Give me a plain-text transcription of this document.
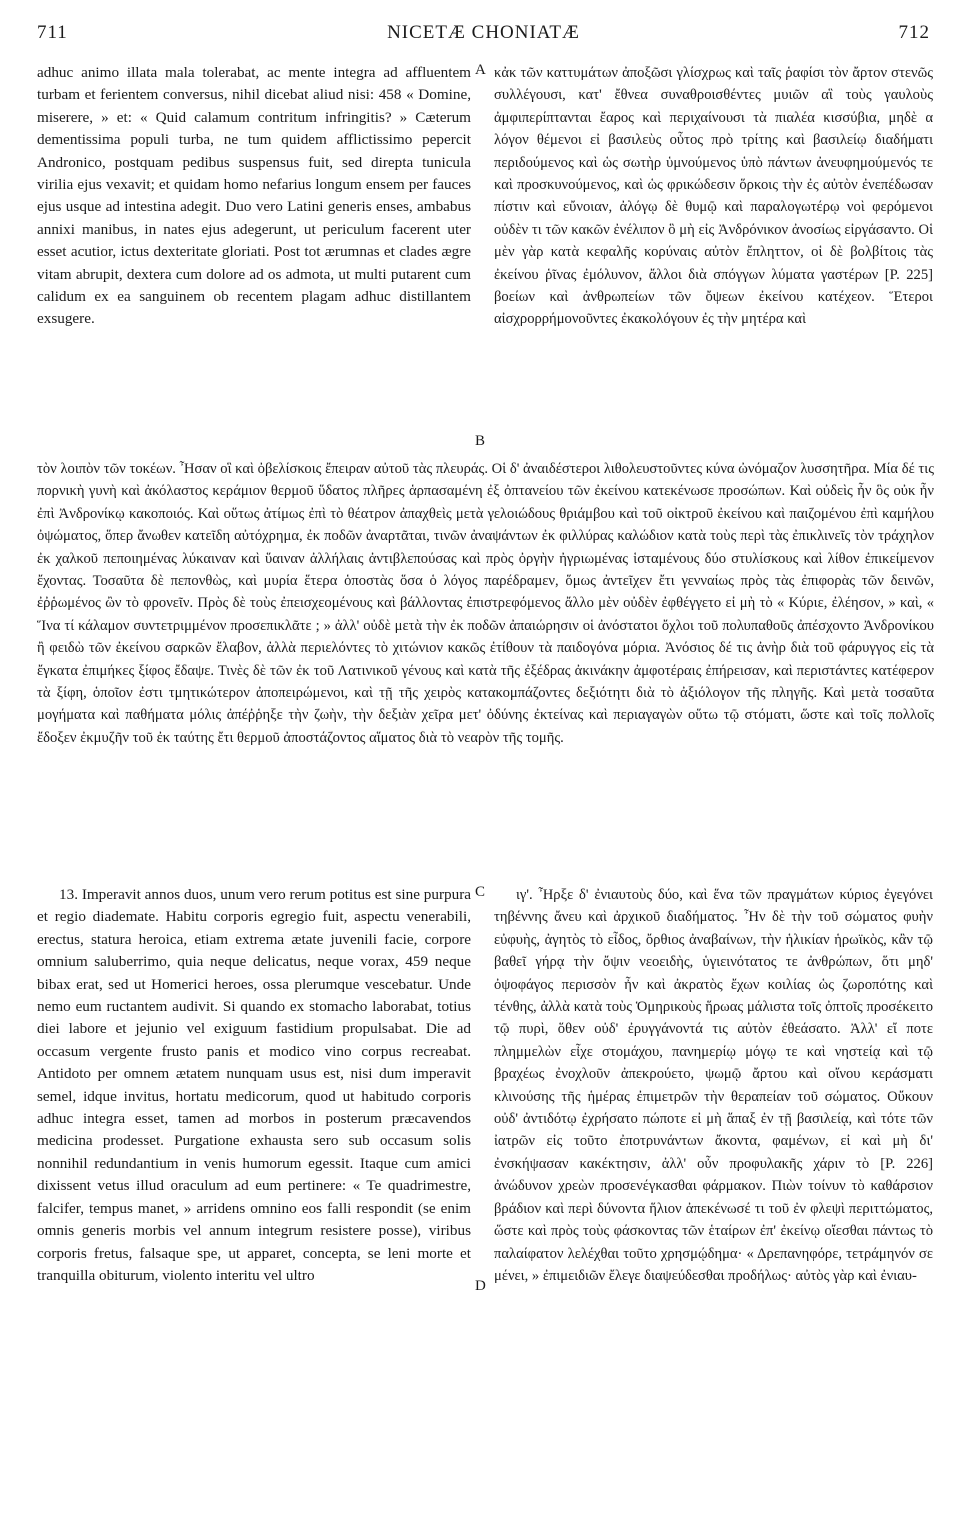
711	NICETÆ CHONIATÆ	712
A
B
C
D

adhuc animo illata mala tolerabat, ac mente integra ad affluentem turbam et ferientem conversus, nihil dicebat aliud nisi: 458 « Domine, miserere, » et: « Quid calamum contritum infringitis? » Cæterum dementissima populi turba, ne tum quidem afflictissimo pepercit Andronico, postquam pedibus suspensus fuit, sed direpta tunicula virilia ejus vexavit; et quidam homo nefarius longum ensem per fauces ejus usque ad intestina adegit. Duo vero Latini generis enses, ambabus annixi manibus, in nates ejus adegerunt, ut periculum facerent uter esset acutior, ictus dexteritate gloriati. Post tot ærumnas et clades ægre vitam abrupit, dextera cum dolore ad os admota, ut multi putarent cum calidum ex ea sanguinem ob recentem plagam adhuc distillantem exsugere.

κἀκ τῶν καττυμάτων ἀποξῶσι γλίσχρως καὶ ταῖς ῥαφίσι τὸν ἄρτον στενῶς συλλέγουσι, κατ' ἔθνεα συναθροισθέντες μυιῶν αἳ τοὺς γαυλοὺς ἀμφιπερίπτανται ἔαρος καὶ περιχαίνουσι τὰ πιαλέα κισσύβια, μηδὲ α λόγον θέμενοι εἰ βασιλεὺς οὗτος πρὸ τρίτης καὶ βασιλείῳ διαδήματι περιδούμενος καὶ ὡς σωτὴρ ὑμνούμενος ὑπὸ πάντων ἀνευφημούμενός τε καὶ προσκυνούμενος, καὶ ὡς φρικώδεσιν ὅρκοις τὴν ἐς αὐτὸν ἐνεπέδωσαν πίστιν καὶ εὔνοιαν, ἀλόγῳ δὲ θυμῷ καὶ παραλογωτέρῳ νοὶ φερόμενοι οὐδὲν τι τῶν κακῶν ἐνέλιπον ὃ μὴ εἰς Ἀνδρόνικον ἀνοσίως εἰργάσαντο. Οἱ μὲν γὰρ κατὰ κεφαλῆς κορύναις αὐτὸν ἔπληττον, οἱ δὲ βολβίτοις τὰς ἐκείνου ῥῖνας ἐμόλυνον, ἄλλοι διὰ σπόγγων λύματα γαστέρων [P. 225] βοείων καὶ ἀνθρωπείων τῶν ὄψεων ἐκείνου κατέχεον. Ἕτεροι αἰσχρορρήμονοῦντες ἐκακολόγουν ἐς τὴν μητέρα καὶ

τὸν λοιπὸν τῶν τοκέων. Ἦσαν οἳ καὶ ὀβελίσκοις ἔπειραν αὐτοῦ τὰς πλευράς. Οἱ δ' ἀναιδέστεροι λιθολευστοῦντες κύνα ὠνόμαζον λυσσητῆρα. Μία δέ τις πορνικὴ γυνὴ καὶ ἀκόλαστος κεράμιον θερμοῦ ὕδατος πλῆρες ἁρπασαμένη ἐξ ὀπτανείου τῶν ἐκείνου κατεκένωσε προσώπων. Καὶ οὐδεὶς ἦν ὃς οὐκ ἦν ἐπὶ Ἀνδρονίκῳ κακοποιός. Καὶ οὕτως ἀτίμως ἐπὶ τὸ θέατρον ἀπαχθεὶς μετὰ γελοιώδους θριάμβου καὶ τοῦ οἰκτροῦ ἐκείνου καὶ παιζομένου ἐπὶ καμήλου ὀψώματος, ὅπερ ἄνωθεν κατεῖδη αὐτόχρημα, ἐκ ποδῶν ἀναρτᾶται, τινῶν ἀναψάντων ἐκ φιλλύρας καλώδιον κατὰ τοὺς περὶ τὰς ἐπικλινεῖς τὸν τράχηλον ἐκ χαλκοῦ πεποιημένας λύκαιναν καὶ ὕαιναν ἀλλήλαις ἀντιβλεπούσας καὶ πρὸς ὀργὴν ἠγριωμένας ἱσταμένους δύο στυλίσκους καὶ λίθον ἐπικείμενον ἔχοντας. Τοσαῦτα δὲ πεπονθὼς, καὶ μυρία ἕτερα ὁποστὰς ὅσα ὁ λόγος παρέδραμεν, ὅμως ἀντεῖχεν ἔτι γενναίως πρὸς τὰς ἐπιφορὰς τῶν δεινῶν, ἐῤῥωμένος ὢν τὸ φρονεῖν. Πρὸς δὲ τοὺς ἐπεισχεομένους καὶ βάλλοντας ἐπιστρεφόμενος ἄλλο μὲν οὐδὲν ἐφθέγγετο εἰ μὴ τὸ « Κύριε, ἐλέησον, » καὶ, « Ἵνα τί κάλαμον συντετριμμένον προσεπικλᾶτε ; » ἀλλ' οὐδὲ μετὰ τὴν ἐκ ποδῶν ἀπαιώρησιν οἱ ἀνόστατοι ὄχλοι τοῦ πολυπαθοῦς ἀπέσχοντο Ἀνδρονίκου ἢ φειδὼ τῶν ἐκείνου σαρκῶν ἔλαβον, ἀλλὰ περιελόντες τὸ χιτώνιον κακῶς ἐτίθουν τὰ παιδογόνα μόρια. Ἀνόσιος δέ τις ἀνὴρ διὰ τοῦ φάρυγγος εἰς τὰ ἔγκατα ἐπιμήκες ξίφος ἔδαψε. Τινὲς δὲ τῶν ἐκ τοῦ Λατινικοῦ γένους καὶ κατὰ τῆς ἐξέδρας ἀκινάκην ἀμφοτέραις ἐπήρεισαν, καὶ περιστάντες κατέφερον τὰ ξίφη, ὁποῖον ἐστι τμητικώτερον ἀποπειρώμενοι, καὶ τῇ τῆς χειρὸς κατακομπάζοντες δεξιότητι διὰ τὸ ἀξιόλογον τῆς πληγῆς. Καὶ μετὰ τοσαῦτα μογήματα καὶ παθήματα μόλις ἀπέῤῥηξε τὴν ζωὴν, τὴν δεξιὰν χεῖρα μετ' ὀδύνης ἐκτείνας καὶ περιαγαγὼν οὕτω τῷ στόματι, ὥστε καὶ τοῖς πολλοῖς ἔδοξεν ἐκμυζῆν τοῦ ἐκ ταύτης ἔτι θερμοῦ ἀποστάζοντος αἵματος διὰ τὸ νεαρὸν τῆς τομῆς.

13. Imperavit annos duos, unum vero rerum potitus est sine purpura et regio diademate. Habitu corporis egregio fuit, aspectu venerabili, erectus, statura heroica, etiam extrema ætate juvenili facie, corpore omnium saluberrimo, quia neque delicatus, neque vorax, 459 neque bibax erat, sed ut Homerici heroes, ossa plerumque vescebatur. Unde nemo eum ructantem audivit. Si quando ex stomacho laborabat, totius diei labore et jejunio vel exiguum fastidium propulsabat. Die ad occasum vergente frusto panis et modico vino corpus recreabat. Antidoto per omnem ætatem nunquam usus est, nisi dum imperavit semel, idque invitus, hortatu medicorum, quod ut habitudo corporis adhuc integra esset, tamen ad morbos in posterum præcavendos medicina prodesset. Purgatione exhausta sero sub occasum solis nonnihil redundantium in venis humorum egessit. Itaque cum amici dixissent vetus illud oraculum ad eum pertinere: « Te quadrimestre, falcifer, tempus manet, » arridens omnino eos falli respondit (se enim omnis generis morbis vel annum integrum resistere posse), viribus corporis fretus, falsaque spe, ut apparet, concepta, se leni morte et tranquilla obiturum, violento interitu vel ultro

ιγ'. Ἦρξε δ' ἐνιαυτοὺς δύο, καὶ ἕνα τῶν πραγμάτων κύριος ἐγεγόνει τηβέννης ἄνευ καὶ ἀρχικοῦ διαδήματος. Ἦν δὲ τὴν τοῦ σώματος φυὴν εὐφυὴς, ἀγητὸς τὸ εἶδος, ὄρθιος ἀναβαίνων, τὴν ἡλικίαν ἡρωϊκὸς, κἂν τῷ βαθεῖ γήρᾳ τὴν ὄψιν νεοειδὴς, ὑγιεινότατος τε ἀνθρώπων, ὅτι μηδ' ὀψοφάγος περισσὸν ἦν καὶ ἀκρατὸς ἔχων κοιλίας ὡς ζωροπότης καὶ τένθης, ἀλλὰ κατὰ τοὺς Ὁμηρικοὺς ἥρωας μάλιστα τοῖς ὀπτοῖς προσέκειτο τῷ πυρὶ, ὅθεν οὐδ' ἐρυγγάνοντά τις αὐτὸν ἐθεάσατο. Ἀλλ' εἴ ποτε πλημμελὼν εἶχε στομάχου, πανημερίῳ μόγῳ τε καὶ νηστείᾳ καὶ τῷ βραχέως ἐνοχλοῦν ἀπεκρούετο, ψωμῷ ἄρτου καὶ οἴνου κεράσματι κλινούσης τῆς ἡμέρας ἐπιμετρῶν τὴν θεραπείαν τοῦ σώματος. Οὔκουν οὐδ' ἀντιδότῳ ἐχρήσατο πώποτε εἰ μὴ ἅπαξ ἐν τῇ βασιλείᾳ, καὶ τότε τῶν ἰατρῶν εἰς τοῦτο ἐποτρυνάντων ἄκοντα, φαμένων, εἰ καὶ μὴ δι' ἐνσκήψασαν κακέκτησιν, ἀλλ' οὖν προφυλακῆς χάριν τὸ [P. 226] ἀνώδυνον χρεὼν προσενέγκασθαι φάρμακον. Πιὼν τοίνυν τὸ καθάρσιον βράδιον καὶ περὶ δύνοντα ἥλιον ἀπεκένωσέ τι τοῦ ἐν φλεψὶ περιττώματος, ὥστε καὶ πρὸς τοὺς φάσκοντας τῶν ἑταίρων ἐπ' ἐκείνῳ οἴεσθαι πάντως τὸ παλαίφατον λελέχθαι τοῦτο χρησμῴδημα· « Δρεπανηφόρε, τετράμηνόν σε μένει, » ἐπιμειδιῶν ἔλεγε διαψεύδεσθαι προδήλως· αὐτὸς γὰρ καὶ ἐνιαυ-
